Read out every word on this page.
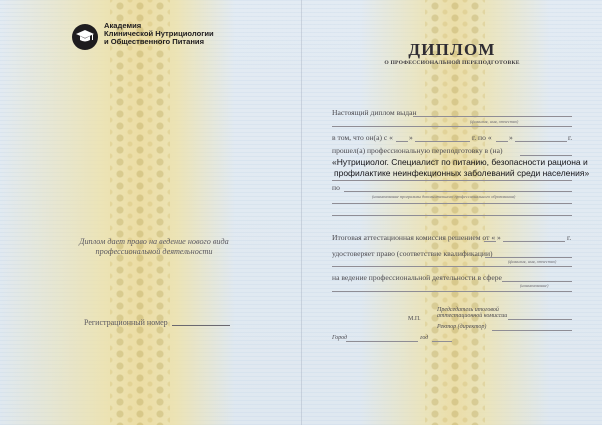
Академия
Клинической Нутрициологии
и Общественного Питания
Диплом дает право на ведение нового вида
профессиональной деятельности
Регистрационный номер
ДИПЛОМ
О ПРОФЕССИОНАЛЬНОЙ ПЕРЕПОДГОТОВКЕ
Настоящий диплом выдан
(фамилия, имя, отчество)
в том, что он(а) с « »	г. по « »	г.
прошел(а) профессиональную переподготовку в (на)
«Нутрициолог. Специалист по питанию, безопасности рациона и
профилактике неинфекционных заболеваний среди населения»
по
(наименование программы дополнительного профессионального образования)
Итоговая аттестационная комиссия решением от « »	г.
удостоверяет право (соответствие квалификации)
(фамилия, имя, отчество)
на ведение профессиональной деятельности в сфере
(наименование)
Председатель итоговой
аттестационной комиссии
М.П.
Ректор (директор)
Город	год
